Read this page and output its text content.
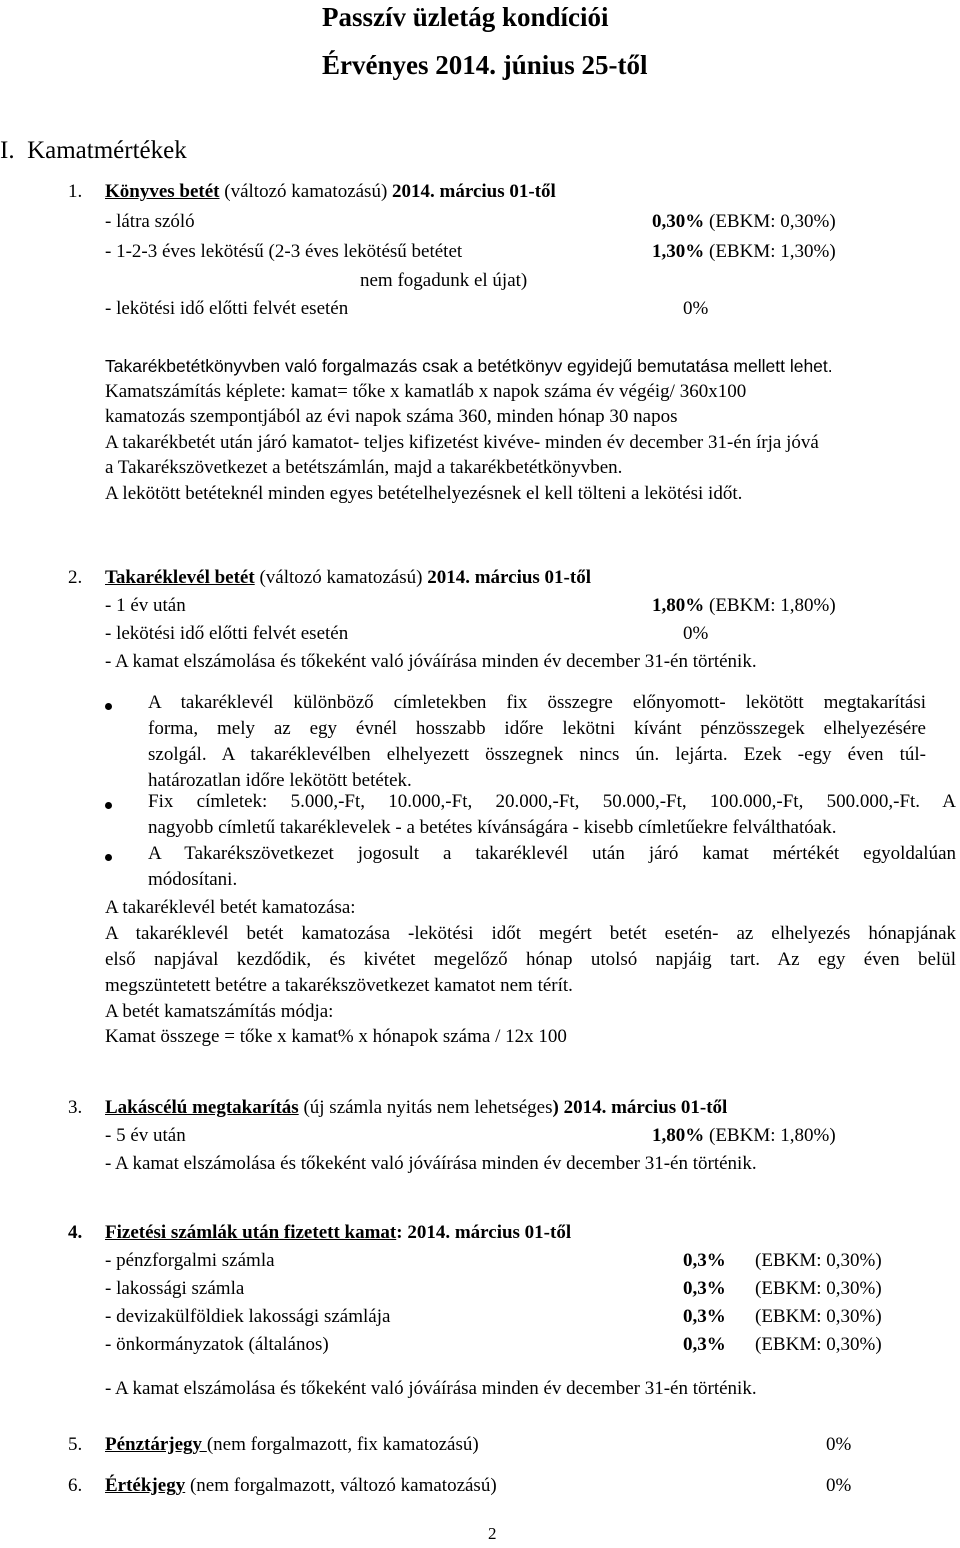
Passzív üzletág kondíciói
Érvényes 2014. június 25-től
I. Kamatmértékek
1. Könyves betét (változó kamatozású) 2014. március 01-től
- látra szóló	0,30% (EBKM: 0,30%)
- 1-2-3 éves lekötésű (2-3 éves lekötésű betétet	1,30% (EBKM: 1,30%)
nem fogadunk el újat)
- lekötési idő előtti felvét esetén	0%
Takarékbetétkönyvben való forgalmazás csak a betétkönyv egyidejű bemutatása mellett lehet.
Kamatszámítás képlete: kamat= tőke x kamatláb x napok száma év végéig/ 360x100
kamatozás szempontjából az évi napok száma 360, minden hónap 30 napos
A takarékbetét után járó kamatot- teljes kifizetést kivéve- minden év december 31-én írja jóvá
a Takarékszövetkezet a betétszámlán, majd a takarékbetétkönyvben.
A lekötött betéteknél minden egyes betételhelyezésnek el kell tölteni a lekötési időt.
2. Takaréklevél betét (változó kamatozású) 2014. március 01-től
- 1 év után	1,80% (EBKM: 1,80%)
- lekötési idő előtti felvét esetén	0%
- A kamat elszámolása és tőkeként való jóváírása minden év december 31-én történik.
A takaréklevél különböző címletekben fix összegre előnyomott- lekötött megtakarítási
forma, mely az egy évnél hosszabb időre lekötni kívánt pénzösszegek elhelyezésére
szolgál. A takaréklevélben elhelyezett összegnek nincs ún. lejárta. Ezek -egy éven túl-
határozatlan időre lekötött betétek.
Fix címletek: 5.000,-Ft, 10.000,-Ft, 20.000,-Ft, 50.000,-Ft, 100.000,-Ft, 500.000,-Ft. A
nagyobb címletű takaréklevelek - a betétes kívánságára - kisebb címletűekre felválthatóak.
A Takarékszövetkezet jogosult a takaréklevél után járó kamat mértékét egyoldalúan
módosítani.
A takaréklevél betét kamatozása:
A takaréklevél betét kamatozása -lekötési időt megért betét esetén- az elhelyezés hónapjának
első napjával kezdődik, és kivétet megelőző hónap utolsó napjáig tart. Az egy éven belül
megszüntetett betétre a takarékszövetkezet kamatot nem térít.
A betét kamatszámítás módja:
Kamat összege = tőke x kamat% x hónapok száma / 12x 100
3. Lakáscélú megtakarítás (új számla nyitás nem lehetséges) 2014. március 01-től
- 5 év után	1,80% (EBKM: 1,80%)
- A kamat elszámolása és tőkeként való jóváírása minden év december 31-én történik.
4. Fizetési számlák után fizetett kamat: 2014. március 01-től
- pénzforgalmi számla	0,3% (EBKM: 0,30%)
- lakossági számla	0,3% (EBKM: 0,30%)
- devizakülföldiek lakossági számlája	0,3% (EBKM: 0,30%)
- önkormányzatok (általános)	0,3% (EBKM: 0,30%)
- A kamat elszámolása és tőkeként való jóváírása minden év december 31-én történik.
5. Pénztárjegy (nem forgalmazott, fix kamatozású)	0%
6. Értékjegy (nem forgalmazott, változó kamatozású)	0%
2
